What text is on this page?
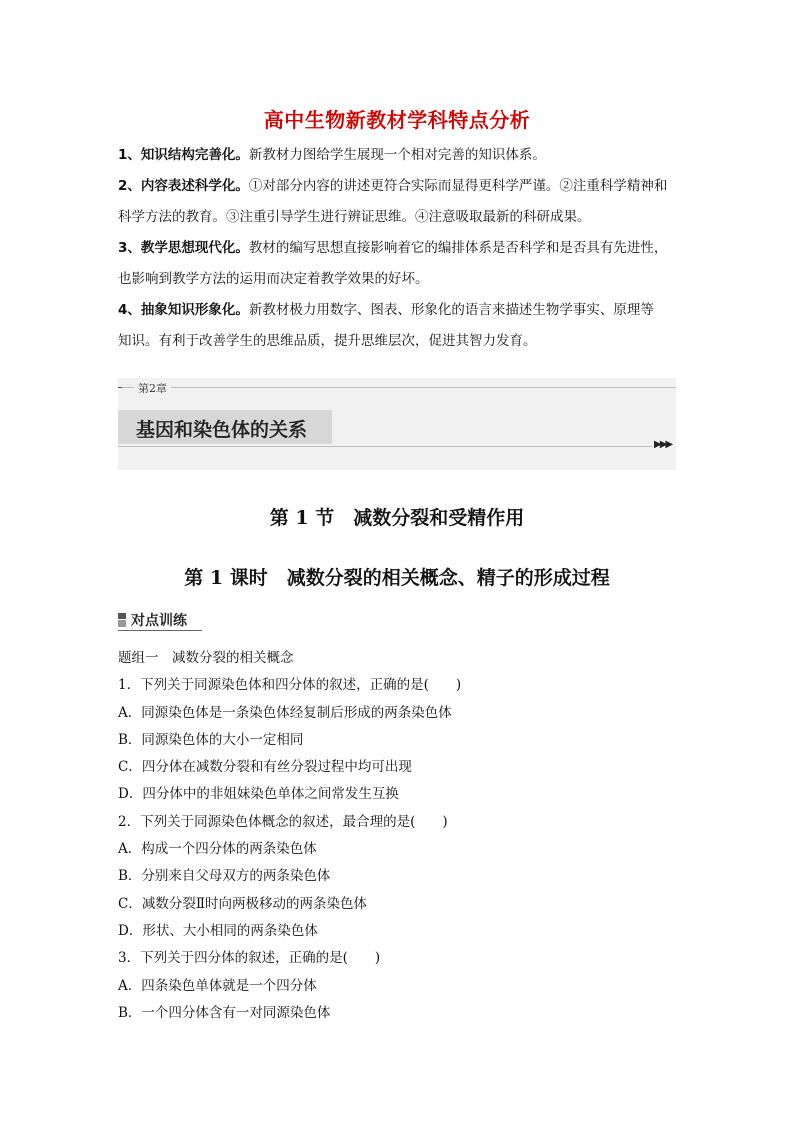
高中生物新教材学科特点分析

1、知识结构完善化。新教材力图给学生展现一个相对完善的知识体系。

2、内容表述科学化。①对部分内容的讲述更符合实际而显得更科学严谨。②注重科学精神和

科学方法的教育。③注重引导学生进行辨证思维。④注意吸取最新的科研成果。

3、教学思想现代化。教材的编写思想直接影响着它的编排体系是否科学和是否具有先进性，

也影响到教学方法的运用而决定着教学效果的好坏。

4、抽象知识形象化。新教材极力用数字、图表、形象化的语言来描述生物学事实、原理等

知识。有利于改善学生的思维品质，提升思维层次，促进其智力发育。

第2章
基因和染色体的关系
▶▶▶
第 1 节　减数分裂和受精作用
第 1 课时　减数分裂的相关概念、精子的形成过程
对点训练

题组一　减数分裂的相关概念

1．下列关于同源染色体和四分体的叙述，正确的是(　　)

A．同源染色体是一条染色体经复制后形成的两条染色体

B．同源染色体的大小一定相同

C．四分体在减数分裂和有丝分裂过程中均可出现

D．四分体中的非姐妹染色单体之间常发生互换

2．下列关于同源染色体概念的叙述，最合理的是(　　)

A．构成一个四分体的两条染色体

B．分别来自父母双方的两条染色体

C．减数分裂Ⅱ时向两极移动的两条染色体

D．形状、大小相同的两条染色体

3．下列关于四分体的叙述，正确的是(　　)

A．四条染色单体就是一个四分体

B．一个四分体含有一对同源染色体
